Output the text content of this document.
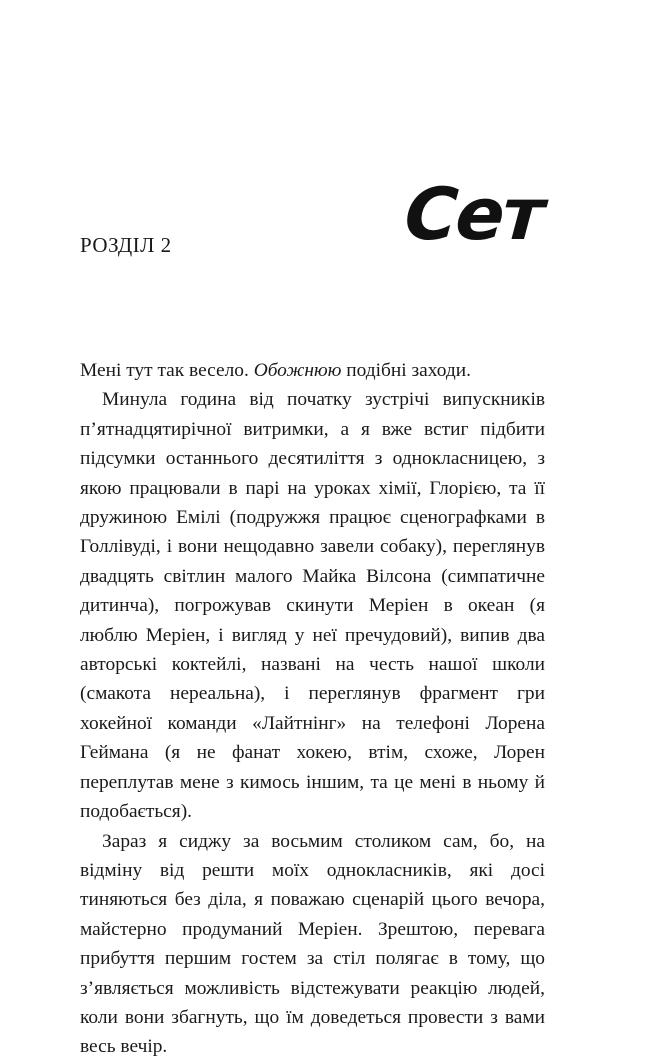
РОЗДІЛ 2	Сет

Мені тут так весело. Обожнюю подібні заходи.

Минула година від початку зустрічі випускників п’ятнадцятирічної витримки, а я вже встиг підбити підсумки останнього десятиліття з однокласницею, з якою працювали в парі на уроках хімії, Глорією, та її дружиною Емілі (подружжя працює сценографками в Голлівуді, і вони нещодавно завели собаку), переглянув двадцять світлин малого Майка Вілсона (симпатичне дитинча), погрожував скинути Меріен в океан (я люблю Меріен, і вигляд у неї пречудовий), випив два авторські коктейлі, названі на честь нашої школи (смакота нереальна), і переглянув фрагмент гри хокейної команди «Лайтнінг» на телефоні Лорена Геймана (я не фанат хокею, втім, схоже, Лорен переплутав мене з кимось іншим, та це мені в ньому й подобається).

Зараз я сиджу за восьмим столиком сам, бо, на відміну від решти моїх однокласників, які досі тиняються без діла, я поважаю сценарій цього вечора, майстерно продуманий Меріен. Зрештою, перевага прибуття першим гостем за стіл полягає в тому, що з’являється можливість відстежувати реакцію людей, коли вони збагнуть, що їм доведеться провести з вами весь вечір.
